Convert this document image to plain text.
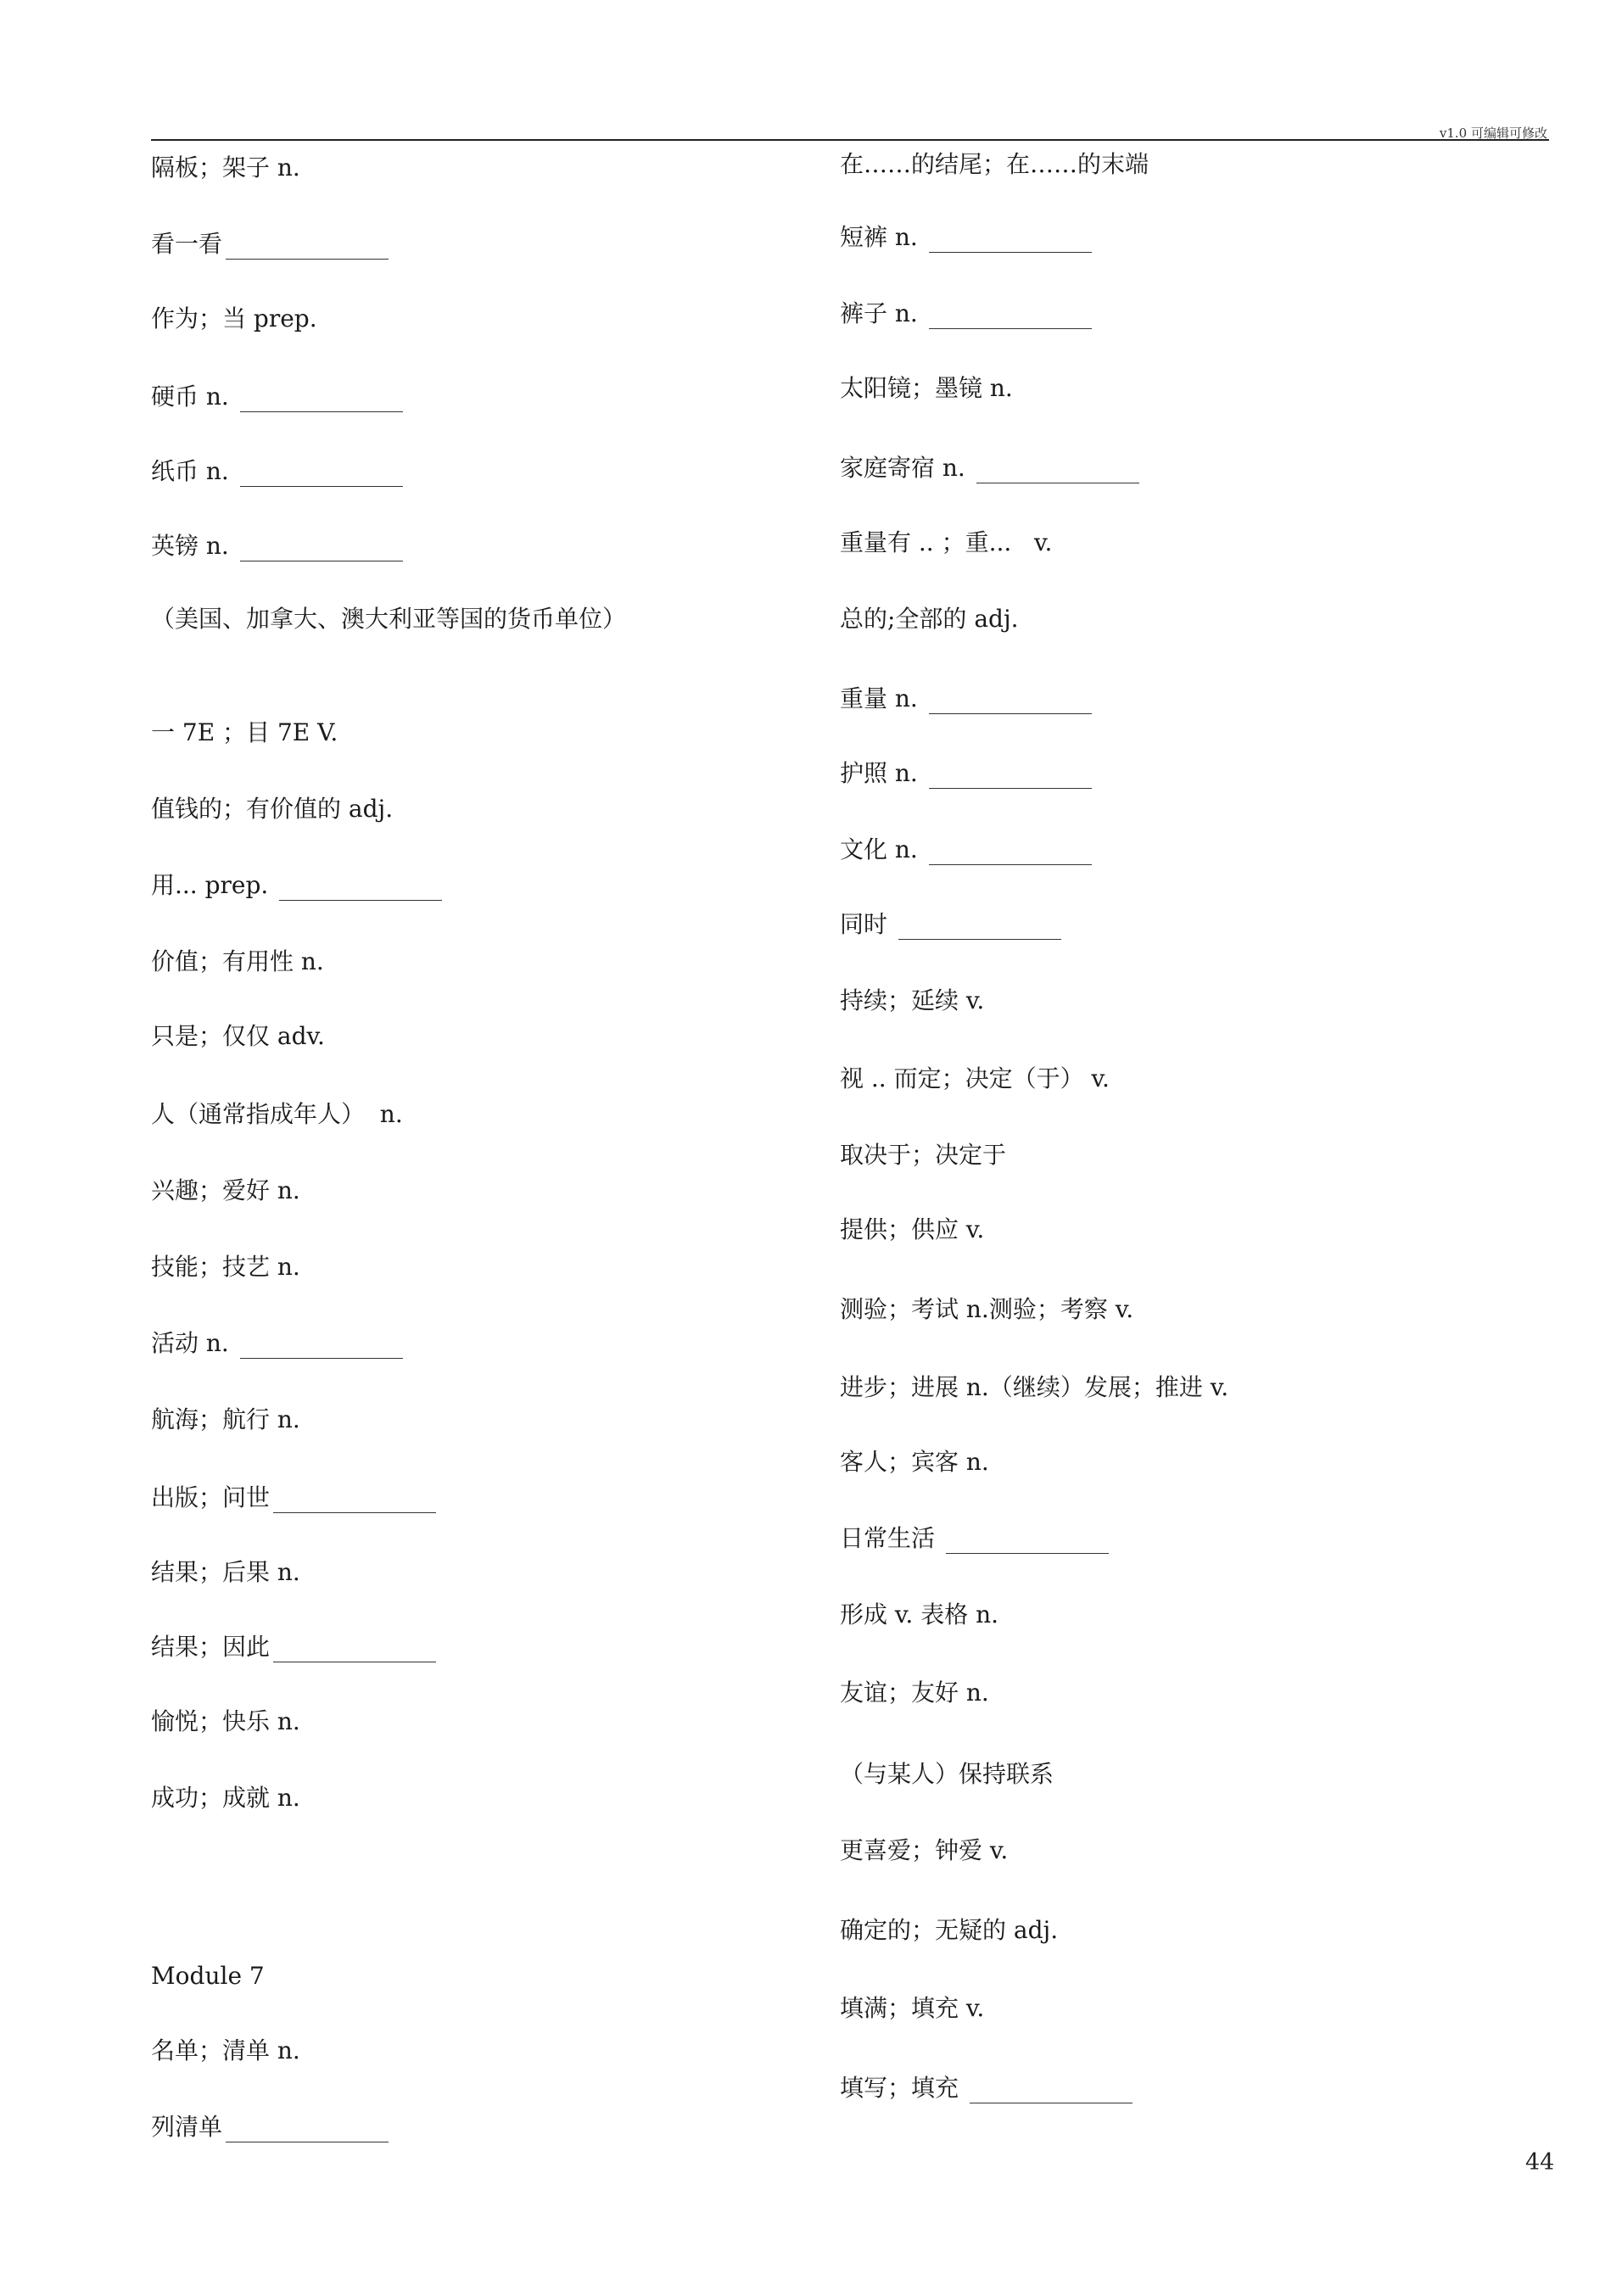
v1.0 可编辑可修改
隔板；架子 n.
看一看
作为；当 prep.
硬币 n.
纸币 n.
英镑 n.
（美国、加拿大、澳大利亚等国的货币单位）
一 7E ；目 7E V.
值钱的；有价值的 adj.
用... prep.
价值；有用性 n.
只是；仅仅 adv.
人（通常指成年人）  n.
兴趣；爱好 n.
技能；技艺 n.
活动 n.
航海；航行 n.
出版；问世
结果；后果 n.
结果；因此
愉悦；快乐 n.
成功；成就 n.
Module 7
名单；清单 n.
列清单
在……的结尾；在……的末端
短裤 n.
裤子 n.
太阳镜；墨镜 n.
家庭寄宿 n.
重量有 .. ；重...   v.
总的;全部的 adj.
重量 n.
护照 n.
文化 n.
同时
持续；延续 v.
视 .. 而定；决定（于） v.
取决于；决定于
提供；供应 v.
测验；考试 n.测验；考察 v.
进步；进展 n.（继续）发展；推进 v.
客人；宾客 n.
日常生活
形成 v. 表格 n.
友谊；友好 n.
（与某人）保持联系
更喜爱；钟爱 v.
确定的；无疑的 adj.
填满；填充 v.
填写；填充
44
